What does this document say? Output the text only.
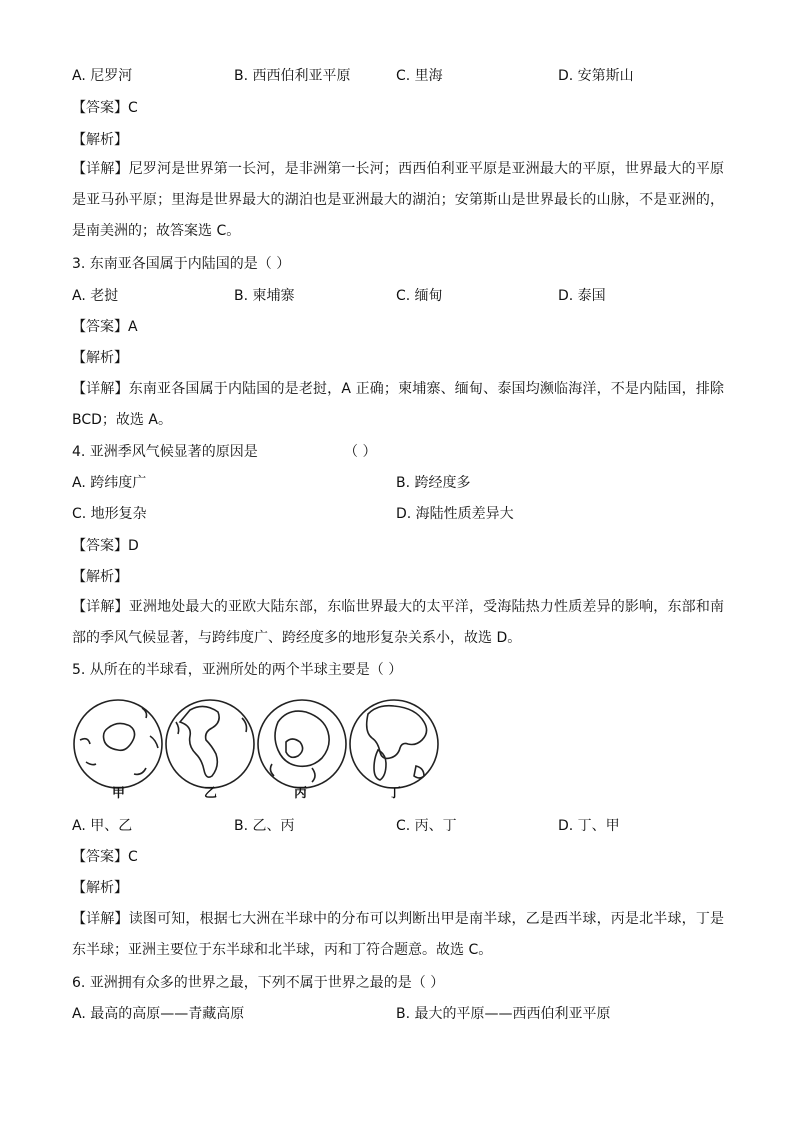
A. 尼罗河	B. 西西伯利亚平原	C. 里海	D. 安第斯山
【答案】C
【解析】
【详解】尼罗河是世界第一长河，是非洲第一长河；西西伯利亚平原是亚洲最大的平原，世界最大的平原是亚马孙平原；里海是世界最大的湖泊也是亚洲最大的湖泊；安第斯山是世界最长的山脉，不是亚洲的，是南美洲的；故答案选 C。
3. 东南亚各国属于内陆国的是（ ）
A. 老挝	B. 柬埔寨	C. 缅甸	D. 泰国
【答案】A
【解析】
【详解】东南亚各国属于内陆国的是老挝，A 正确；柬埔寨、缅甸、泰国均濒临海洋，不是内陆国，排除 BCD；故选 A。
4. 亚洲季风气候显著的原因是	（ ）
A. 跨纬度广	B. 跨经度多
C. 地形复杂	D. 海陆性质差异大
【答案】D
【解析】
【详解】亚洲地处最大的亚欧大陆东部，东临世界最大的太平洋，受海陆热力性质差异的影响，东部和南部的季风气候显著，与跨纬度广、跨经度多的地形复杂关系小，故选 D。
5. 从所在的半球看，亚洲所处的两个半球主要是（ ）
甲	乙	丙	丁
A. 甲、乙	B. 乙、丙	C. 丙、丁	D. 丁、甲
【答案】C
【解析】
【详解】读图可知，根据七大洲在半球中的分布可以判断出甲是南半球，乙是西半球，丙是北半球，丁是东半球；亚洲主要位于东半球和北半球，丙和丁符合题意。故选 C。
6. 亚洲拥有众多的世界之最，下列不属于世界之最的是（ ）
A. 最高的高原——青藏高原	B. 最大的平原——西西伯利亚平原
